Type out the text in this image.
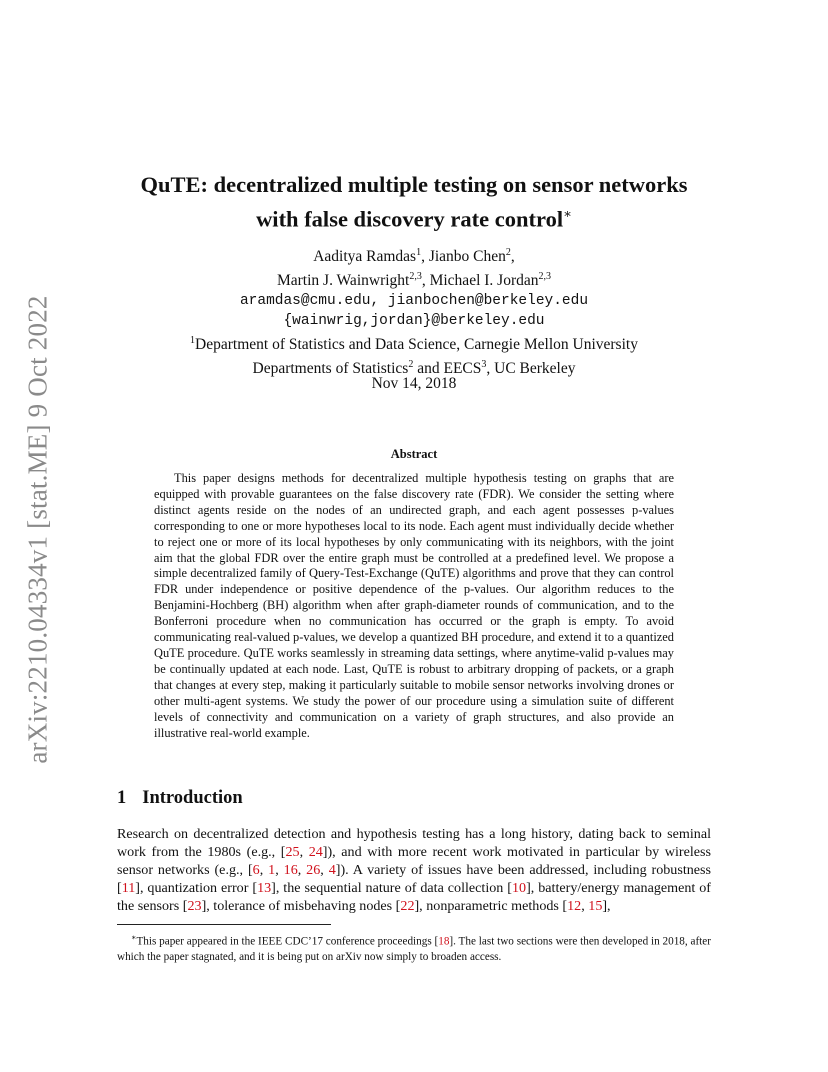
arXiv:2210.04334v1 [stat.ME] 9 Oct 2022
QuTE: decentralized multiple testing on sensor networks
with false discovery rate control∗
Aaditya Ramdas$^1$, Jianbo Chen$^2$,
Martin J. Wainwright$^{2,3}$, Michael I. Jordan$^{2,3}$
aramdas@cmu.edu, jianbochen@berkeley.edu
{wainwrig,jordan}@berkeley.edu
$^1$Department of Statistics and Data Science, Carnegie Mellon University
Departments of Statistics$^2$ and EECS$^3$, UC Berkeley
Nov 14, 2018
Abstract

This paper designs methods for decentralized multiple hypothesis testing on graphs that are equipped with provable guarantees on the false discovery rate (FDR). We consider the setting where distinct agents reside on the nodes of an undirected graph, and each agent possesses p-values corresponding to one or more hypotheses local to its node. Each agent must individually decide whether to reject one or more of its local hypotheses by only communicating with its neighbors, with the joint aim that the global FDR over the entire graph must be controlled at a predefined level. We propose a simple decentralized family of Query-Test-Exchange (QuTE) algorithms and prove that they can control FDR under independence or positive dependence of the p-values. Our algorithm reduces to the Benjamini-Hochberg (BH) algorithm when after graph-diameter rounds of communication, and to the Bonferroni procedure when no communication has occurred or the graph is empty. To avoid communicating real-valued p-values, we develop a quantized BH procedure, and extend it to a quantized QuTE procedure. QuTE works seamlessly in streaming data settings, where anytime-valid p-values may be continually updated at each node. Last, QuTE is robust to arbitrary dropping of packets, or a graph that changes at every step, making it particularly suitable to mobile sensor networks involving drones or other multi-agent systems. We study the power of our procedure using a simulation suite of different levels of connectivity and communication on a variety of graph structures, and also provide an illustrative real-world example.

1 Introduction

Research on decentralized detection and hypothesis testing has a long history, dating back to seminal work from the 1980s (e.g., [25, 24]), and with more recent work motivated in particular by wireless sensor networks (e.g., [6, 1, 16, 26, 4]). A variety of issues have been addressed, including robustness [11], quantization error [13], the sequential nature of data collection [10], battery/energy management of the sensors [23], tolerance of misbehaving nodes [22], nonparametric methods [12, 15],

∗This paper appeared in the IEEE CDC’17 conference proceedings [18]. The last two sections were then developed in 2018, after which the paper stagnated, and it is being put on arXiv now simply to broaden access.
